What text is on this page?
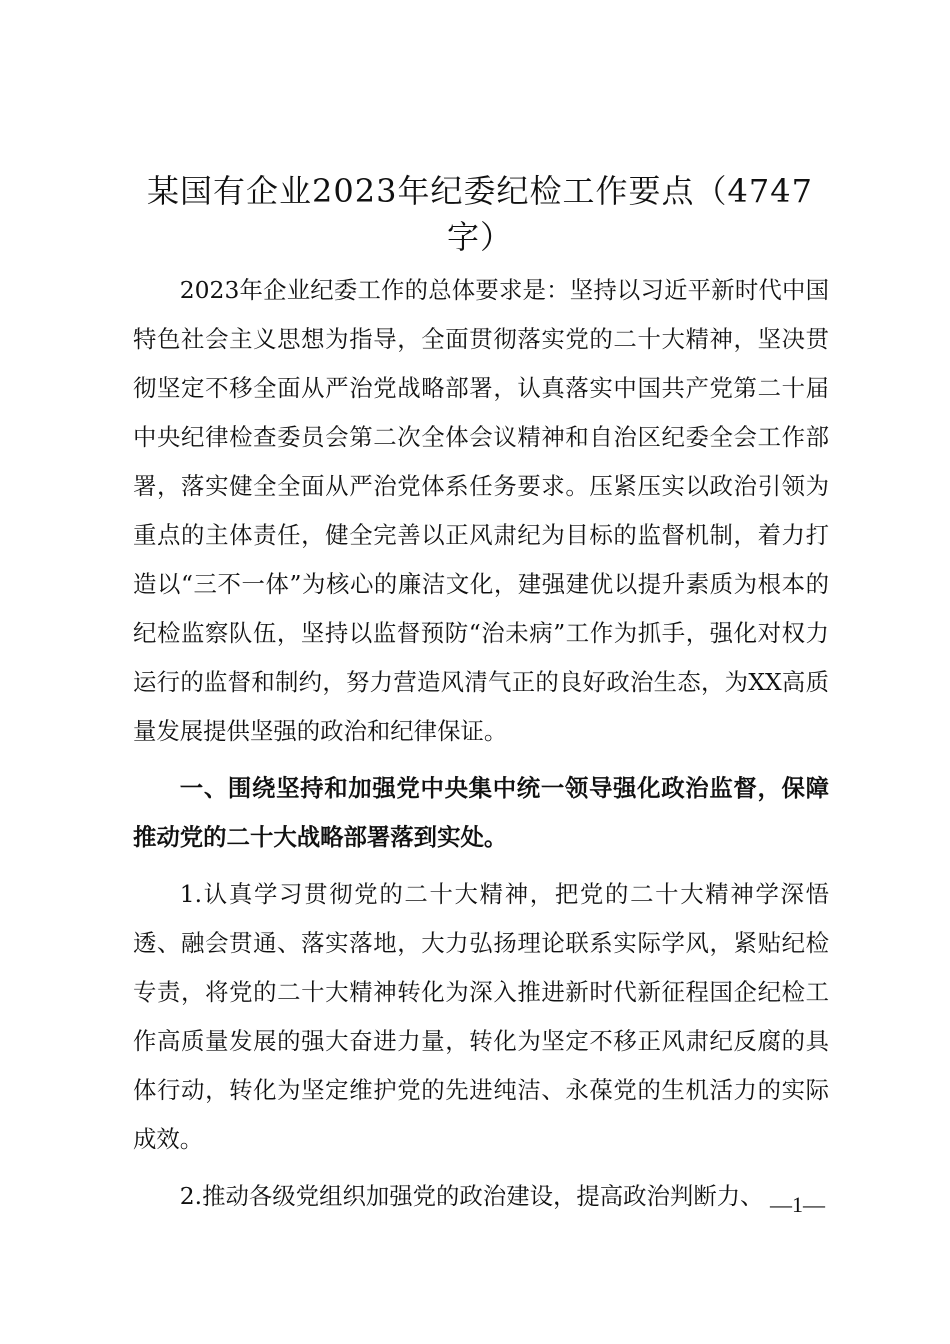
某国有企业2023年纪委纪检工作要点（4747字）

2023年企业纪委工作的总体要求是：坚持以习近平新时代中国特色社会主义思想为指导，全面贯彻落实党的二十大精神，坚决贯彻坚定不移全面从严治党战略部署，认真落实中国共产党第二十届中央纪律检查委员会第二次全体会议精神和自治区纪委全会工作部署，落实健全全面从严治党体系任务要求。压紧压实以政治引领为重点的主体责任，健全完善以正风肃纪为目标的监督机制，着力打造以“三不一体”为核心的廉洁文化，建强建优以提升素质为根本的纪检监察队伍，坚持以监督预防“治未病”工作为抓手，强化对权力运行的监督和制约，努力营造风清气正的良好政治生态，为XX高质量发展提供坚强的政治和纪律保证。

一、围绕坚持和加强党中央集中统一领导强化政治监督，保障推动党的二十大战略部署落到实处。

1.认真学习贯彻党的二十大精神，把党的二十大精神学深悟透、融会贯通、落实落地，大力弘扬理论联系实际学风，紧贴纪检专责，将党的二十大精神转化为深入推进新时代新征程国企纪检工作高质量发展的强大奋进力量，转化为坚定不移正风肃纪反腐的具体行动，转化为坚定维护党的先进纯洁、永葆党的生机活力的实际成效。

2.推动各级党组织加强党的政治建设，提高政治判断力、 —1—
